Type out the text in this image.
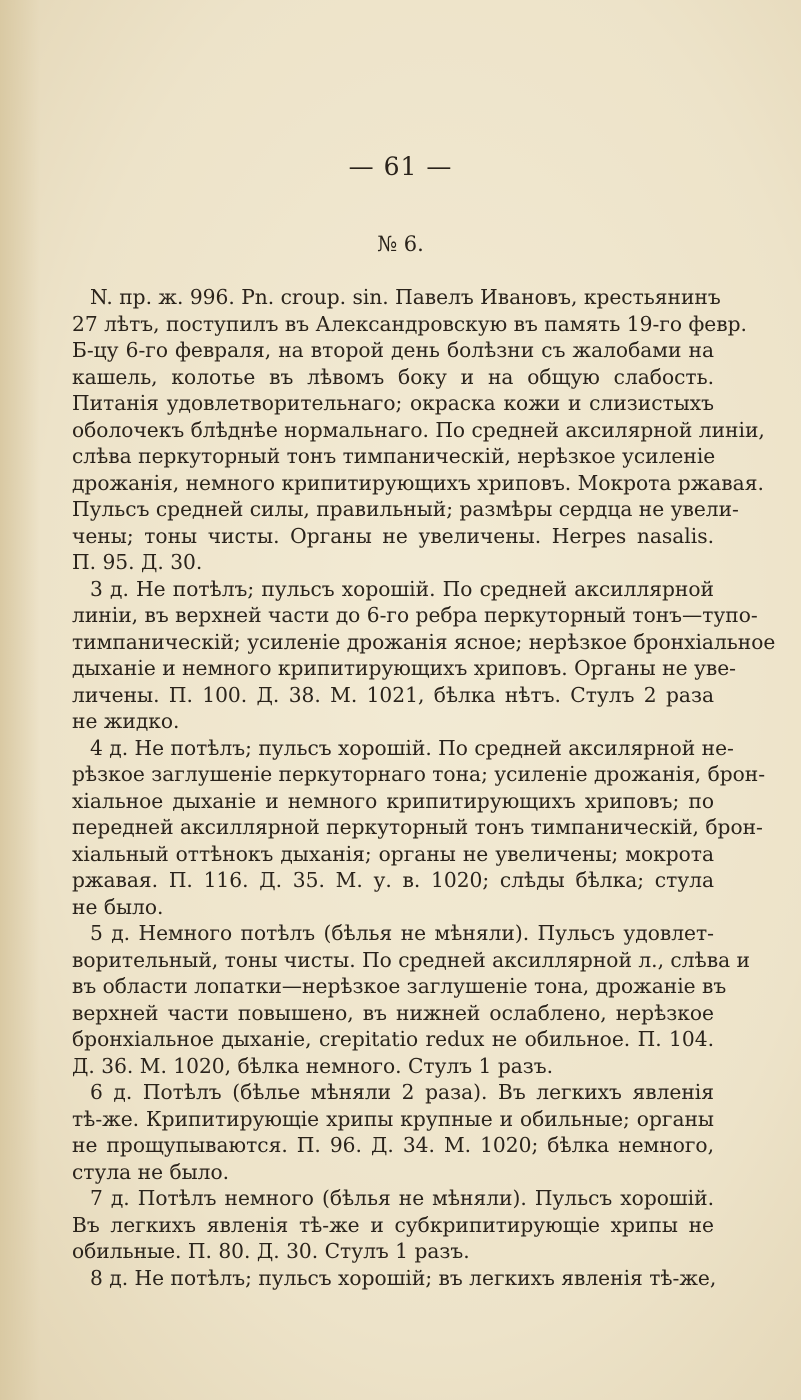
— 61 —
№ 6.
N. пр. ж. 996. Pn. croup. sin. Павелъ Ивановъ, крестьянинъ
27 лѣтъ, поступилъ въ Александровскую въ память 19-го февр.
Б-цу 6-го февраля, на второй день болѣзни съ жалобами на
кашель, колотье въ лѣвомъ боку и на общую слабость.
Питанія удовлетворительнаго; окраска кожи и слизистыхъ
оболочекъ блѣднѣе нормальнаго. По средней аксилярной линіи,
слѣва перкуторный тонъ тимпаническій, нерѣзкое усиленіе
дрожанія, немного крипитирующихъ хриповъ. Мокрота ржавая.
Пульсъ средней силы, правильный; размѣры сердца не увели-
чены; тоны чисты. Органы не увеличены. Herpes nasalis.
П. 95. Д. 30.
3 д. Не потѣлъ; пульсъ хорошій. По средней аксиллярной
линіи, въ верхней части до 6-го ребра перкуторный тонъ—тупо-
тимпаническій; усиленіе дрожанія ясное; нерѣзкое бронхіальное
дыханіе и немного крипитирующихъ хриповъ. Органы не уве-
личены. П. 100. Д. 38. М. 1021, бѣлка нѣтъ. Стулъ 2 раза
не жидко.
4 д. Не потѣлъ; пульсъ хорошій. По средней аксилярной не-
рѣзкое заглушеніе перкуторнаго тона; усиленіе дрожанія, брон-
хіальное дыханіе и немного крипитирующихъ хриповъ; по
передней аксиллярной перкуторный тонъ тимпаническій, брон-
хіальный оттѣнокъ дыханія; органы не увеличены; мокрота
ржавая. П. 116. Д. 35. М. у. в. 1020; слѣды бѣлка; стула
не было.
5 д. Немного потѣлъ (бѣлья не мѣняли). Пульсъ удовлет-
ворительный, тоны чисты. По средней аксиллярной л., слѣва и
въ области лопатки—нерѣзкое заглушеніе тона, дрожаніе въ
верхней части повышено, въ нижней ослаблено, нерѣзкое
бронхіальное дыханіе, crepitatio redux не обильное. П. 104.
Д. 36. М. 1020, бѣлка немного. Стулъ 1 разъ.
6 д. Потѣлъ (бѣлье мѣняли 2 раза). Въ легкихъ явленія
тѣ-же. Крипитирующіе хрипы крупные и обильные; органы
не прощупываются. П. 96. Д. 34. М. 1020; бѣлка немного,
стула не было.
7 д. Потѣлъ немного (бѣлья не мѣняли). Пульсъ хорошій.
Въ легкихъ явленія тѣ-же и субкрипитирующіе хрипы не
обильные. П. 80. Д. 30. Стулъ 1 разъ.
8 д. Не потѣлъ; пульсъ хорошій; въ легкихъ явленія тѣ-же,
